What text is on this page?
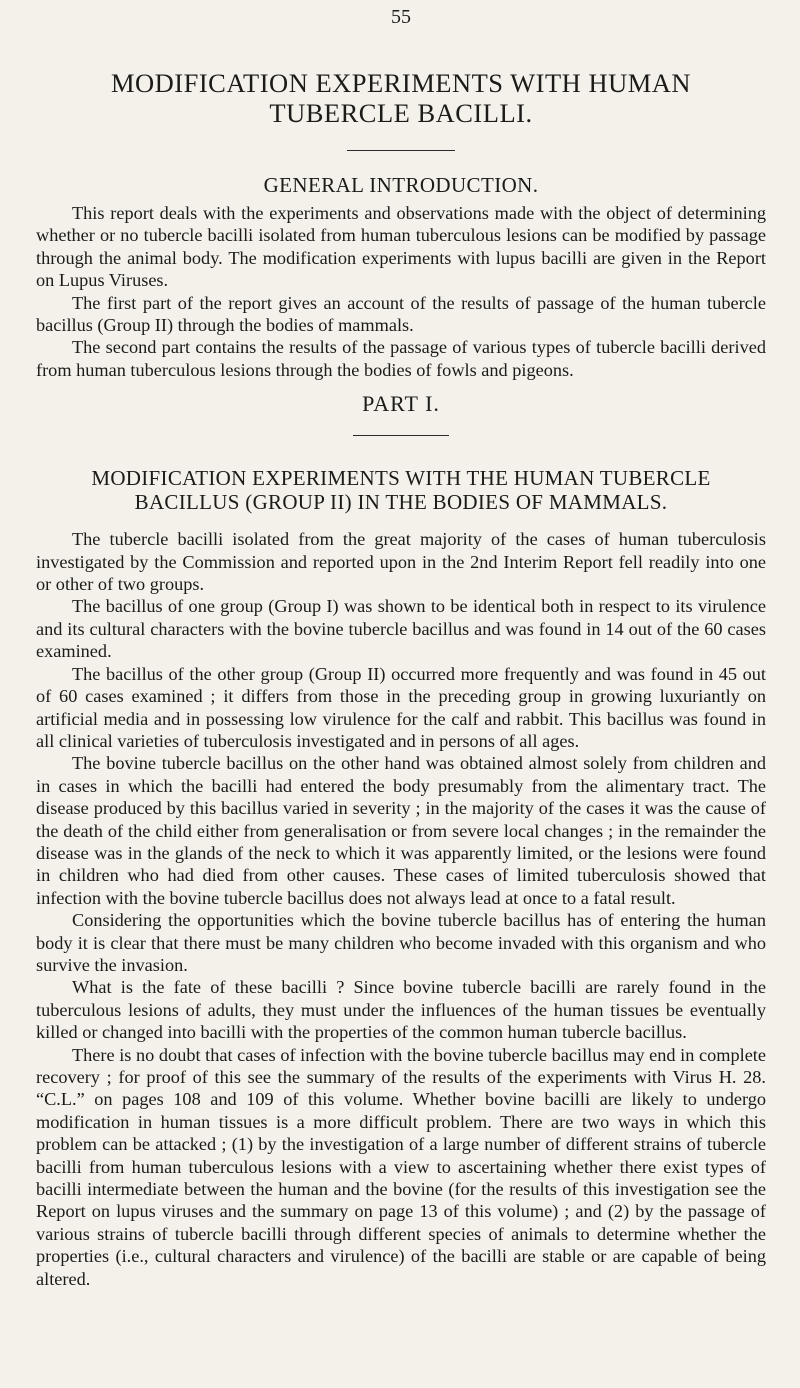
55
MODIFICATION EXPERIMENTS WITH HUMAN
TUBERCLE BACILLI.
GENERAL INTRODUCTION.

This report deals with the experiments and observations made with the object of determining whether or no tubercle bacilli isolated from human tuberculous lesions can be modified by passage through the animal body. The modification experiments with lupus bacilli are given in the Report on Lupus Viruses.

The first part of the report gives an account of the results of passage of the human tubercle bacillus (Group II) through the bodies of mammals.

The second part contains the results of the passage of various types of tubercle bacilli derived from human tuberculous lesions through the bodies of fowls and pigeons.

PART I.
MODIFICATION EXPERIMENTS WITH THE HUMAN TUBERCLE
BACILLUS (GROUP II) IN THE BODIES OF MAMMALS.

The tubercle bacilli isolated from the great majority of the cases of human tuberculosis investigated by the Commission and reported upon in the 2nd Interim Report fell readily into one or other of two groups.

The bacillus of one group (Group I) was shown to be identical both in respect to its virulence and its cultural characters with the bovine tubercle bacillus and was found in 14 out of the 60 cases examined.

The bacillus of the other group (Group II) occurred more frequently and was found in 45 out of 60 cases examined ; it differs from those in the preceding group in growing luxuriantly on artificial media and in possessing low virulence for the calf and rabbit. This bacillus was found in all clinical varieties of tuberculosis investigated and in persons of all ages.

The bovine tubercle bacillus on the other hand was obtained almost solely from children and in cases in which the bacilli had entered the body presumably from the alimentary tract. The disease produced by this bacillus varied in severity ; in the majority of the cases it was the cause of the death of the child either from generalisation or from severe local changes ; in the remainder the disease was in the glands of the neck to which it was apparently limited, or the lesions were found in children who had died from other causes. These cases of limited tuberculosis showed that infection with the bovine tubercle bacillus does not always lead at once to a fatal result.

Considering the opportunities which the bovine tubercle bacillus has of entering the human body it is clear that there must be many children who become invaded with this organism and who survive the invasion.

What is the fate of these bacilli ? Since bovine tubercle bacilli are rarely found in the tuberculous lesions of adults, they must under the influences of the human tissues be eventually killed or changed into bacilli with the properties of the common human tubercle bacillus.

There is no doubt that cases of infection with the bovine tubercle bacillus may end in complete recovery ; for proof of this see the summary of the results of the experiments with Virus H. 28. “C.L.” on pages 108 and 109 of this volume. Whether bovine bacilli are likely to undergo modification in human tissues is a more difficult problem. There are two ways in which this problem can be attacked ; (1) by the investigation of a large number of different strains of tubercle bacilli from human tuberculous lesions with a view to ascertaining whether there exist types of bacilli intermediate between the human and the bovine (for the results of this investigation see the Report on lupus viruses and the summary on page 13 of this volume) ; and (2) by the passage of various strains of tubercle bacilli through different species of animals to determine whether the properties (i.e., cultural characters and virulence) of the bacilli are stable or are capable of being altered.
